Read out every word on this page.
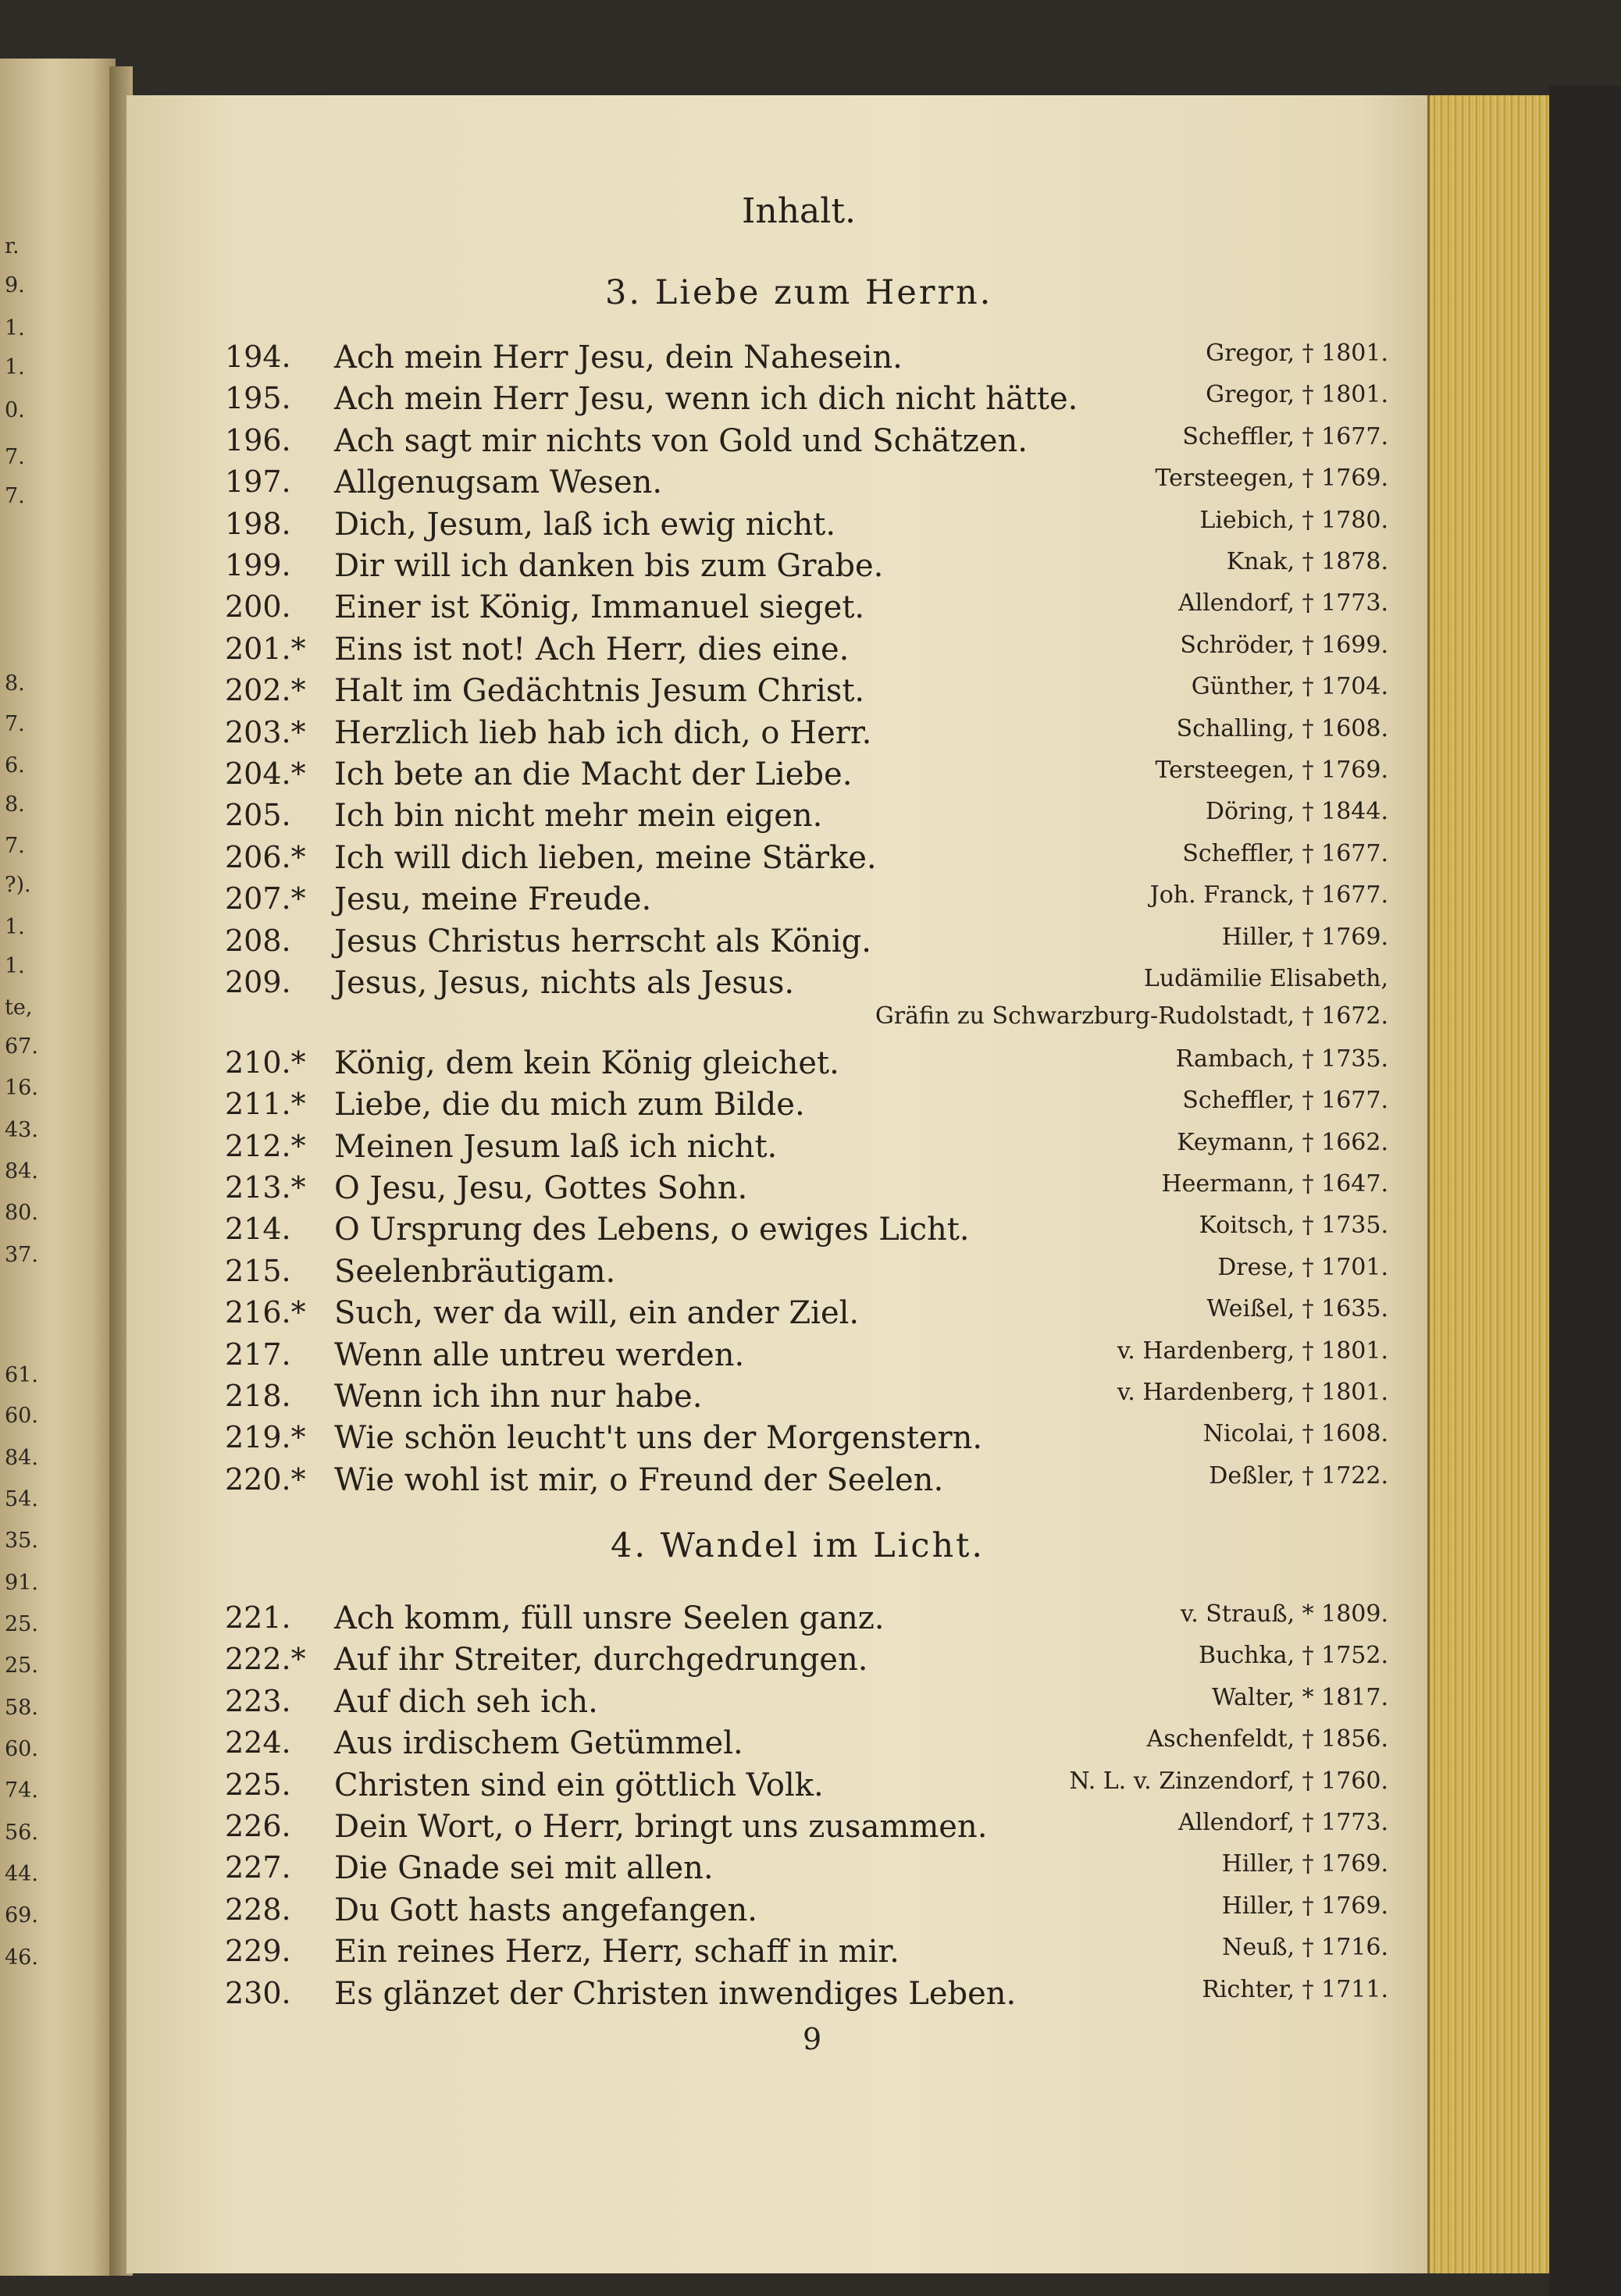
r.
9.
1.
1.
0.
7.
7.
8.
7.
6.
8.
7.
?).
1.
1.
te,
67.
16.
43.
84.
80.
37.
61.
60.
84.
54.
35.
91.
25.
25.
58.
60.
74.
56.
44.
69.
46.
Inhalt.
3. Liebe zum Herrn.
194. Ach mein Herr Jesu, dein Nahesein.	Gregor, † 1801.
195. Ach mein Herr Jesu, wenn ich dich nicht hätte.	Gregor, † 1801.
196. Ach sagt mir nichts von Gold und Schätzen.	Scheffler, † 1677.
197. Allgenugsam Wesen.	Tersteegen, † 1769.
198. Dich, Jesum, laß ich ewig nicht.	Liebich, † 1780.
199. Dir will ich danken bis zum Grabe.	Knak, † 1878.
200. Einer ist König, Immanuel sieget.	Allendorf, † 1773.
201.* Eins ist not! Ach Herr, dies eine.	Schröder, † 1699.
202.* Halt im Gedächtnis Jesum Christ.	Günther, † 1704.
203.* Herzlich lieb hab ich dich, o Herr.	Schalling, † 1608.
204.* Ich bete an die Macht der Liebe.	Tersteegen, † 1769.
205. Ich bin nicht mehr mein eigen.	Döring, † 1844.
206.* Ich will dich lieben, meine Stärke.	Scheffler, † 1677.
207.* Jesu, meine Freude.	Joh. Franck, † 1677.
208. Jesus Christus herrscht als König.	Hiller, † 1769.
209. Jesus, Jesus, nichts als Jesus.	Ludämilie Elisabeth,
Gräfin zu Schwarzburg-Rudolstadt, † 1672.
210.* König, dem kein König gleichet.	Rambach, † 1735.
211.* Liebe, die du mich zum Bilde.	Scheffler, † 1677.
212.* Meinen Jesum laß ich nicht.	Keymann, † 1662.
213.* O Jesu, Jesu, Gottes Sohn.	Heermann, † 1647.
214. O Ursprung des Lebens, o ewiges Licht.	Koitsch, † 1735.
215. Seelenbräutigam.	Drese, † 1701.
216.* Such, wer da will, ein ander Ziel.	Weißel, † 1635.
217. Wenn alle untreu werden.	v. Hardenberg, † 1801.
218. Wenn ich ihn nur habe.	v. Hardenberg, † 1801.
219.* Wie schön leucht't uns der Morgenstern.	Nicolai, † 1608.
220.* Wie wohl ist mir, o Freund der Seelen.	Deßler, † 1722.
4. Wandel im Licht.
221. Ach komm, füll unsre Seelen ganz.	v. Strauß, * 1809.
222.* Auf ihr Streiter, durchgedrungen.	Buchka, † 1752.
223. Auf dich seh ich.	Walter, * 1817.
224. Aus irdischem Getümmel.	Aschenfeldt, † 1856.
225. Christen sind ein göttlich Volk.	N. L. v. Zinzendorf, † 1760.
226. Dein Wort, o Herr, bringt uns zusammen.	Allendorf, † 1773.
227. Die Gnade sei mit allen.	Hiller, † 1769.
228. Du Gott hasts angefangen.	Hiller, † 1769.
229. Ein reines Herz, Herr, schaff in mir.	Neuß, † 1716.
230. Es glänzet der Christen inwendiges Leben.	Richter, † 1711.
9
